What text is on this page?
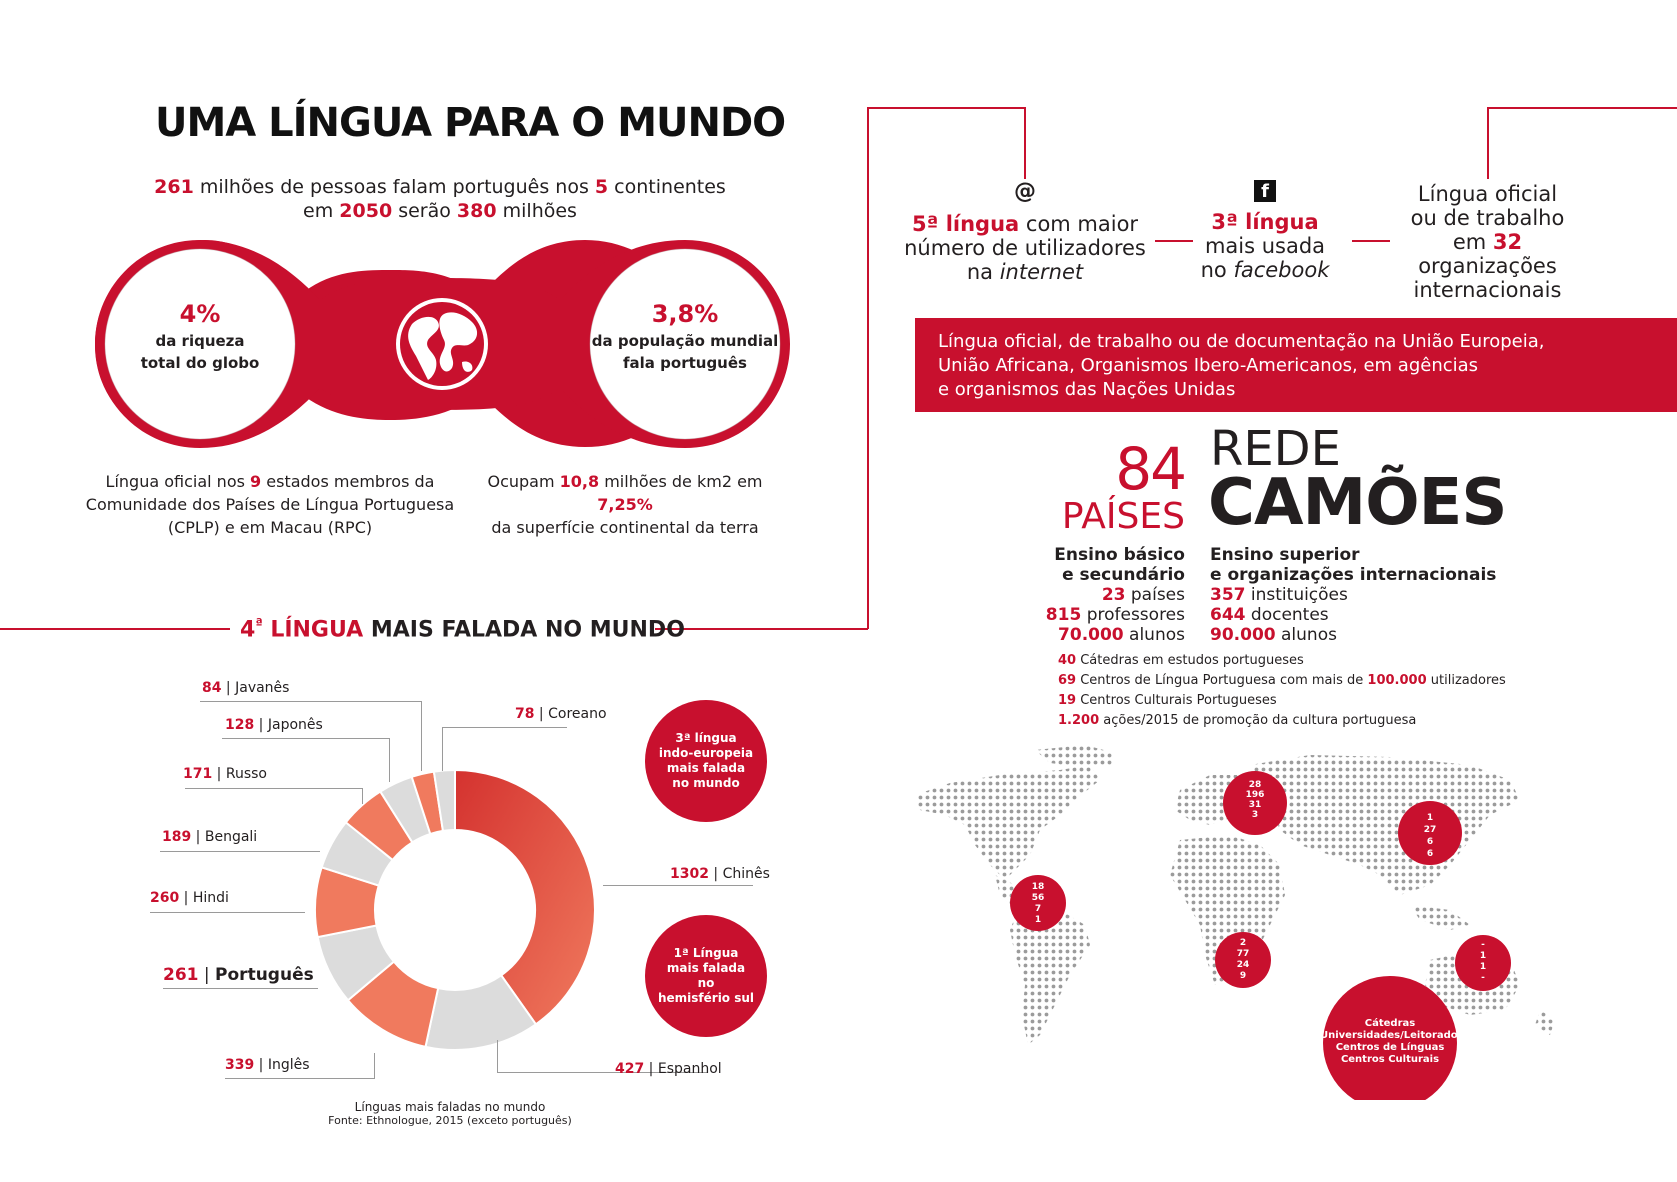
UMA LÍNGUA PARA O MUNDO
261 milhões de pessoas falam português nos 5 continentes
em 2050 serão 380 milhões
4%
da riqueza
total do globo
3,8%
da população mundial
fala português
Língua oficial nos 9 estados membros da
Comunidade dos Países de Língua Portuguesa
(CPLP) e em Macau (RPC)
Ocupam 10,8 milhões de km2 em 7,25%
da superfície continental da terra
$4^ª$ LÍNGUA MAIS FALADA NO MUNDO
84 | Javanês
128 | Japonês
171 | Russo
189 | Bengali
260 | Hindi
261 | Português
339 | Inglês	427 | Espanhol
1302 | Chinês
78 | Coreano
Línguas mais faladas no mundo
Fonte: Ethnologue, 2015 (exceto português)
3ª língua
indo-europeia
mais falada
no mundo
1ª Língua
mais falada
no
hemisfério sul
@
5ª língua com maior
número de utilizadores
na internet
f
3ª língua
mais usada
no facebook
Língua oficial
ou de trabalho
em 32
organizações
internacionais
Língua oficial, de trabalho ou de documentação na União Europeia,
União Africana, Organismos Ibero-Americanos, em agências
e organismos das Nações Unidas
84
PAÍSES
REDE
CAMÕES
Ensino básico
e secundário
23 países
815 professores
70.000 alunos
Ensino superior
e organizações internacionais
357 instituições
644 docentes
90.000 alunos
40 Cátedras em estudos portugueses
69 Centros de Língua Portuguesa com mais de 100.000 utilizadores
19 Centros Culturais Portugueses
1.200 ações/2015 de promoção da cultura portuguesa
28
196
31
3	1
27
6
6
18
56
7
1
2
77
24
9
-
1
1
-
Cátedras
Universidades/Leitorados
Centros de Línguas
Centros Culturais
